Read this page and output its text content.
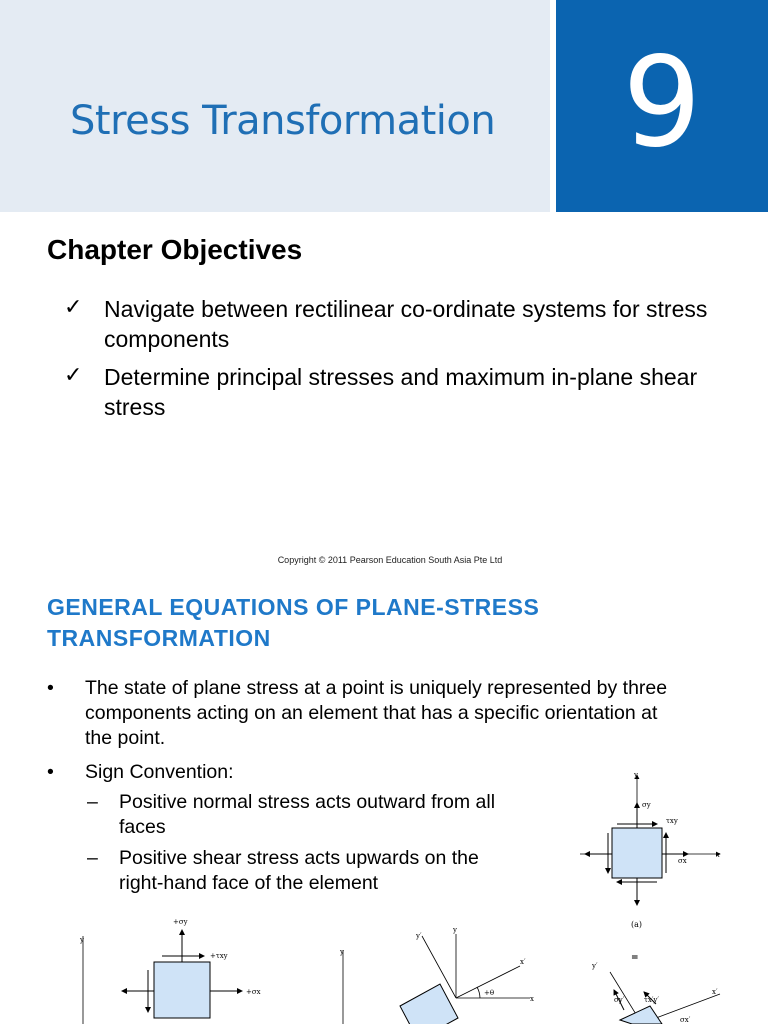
Stress Transformation	9
Chapter Objectives
✓ Navigate between rectilinear co-ordinate systems for stress components
✓ Determine principal stresses and maximum in-plane shear stress
Copyright © 2011 Pearson Education South Asia Pte Ltd
GENERAL EQUATIONS OF PLANE-STRESS
TRANSFORMATION
•	The state of plane stress at a point is uniquely represented by three components acting on an element that has a specific orientation at the point.
•	Sign Convention:
–	Positive normal stress acts outward from all faces
–	Positive shear stress acts upwards on the right-hand face of the element
y
x
σy
τxy
σx
(a)
y
+σy
+τxy
+σx
y
y
y′
x′
x
+θ
=
y′
σy′	τx′y′
x′
σx′
